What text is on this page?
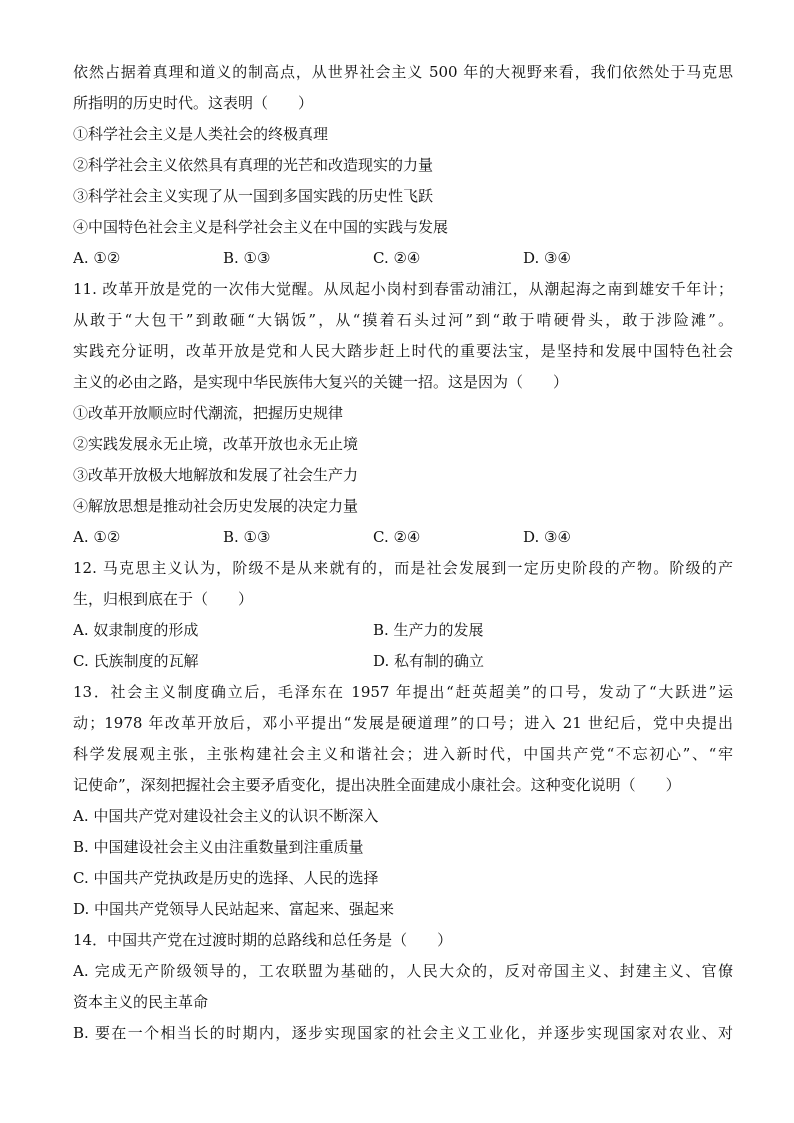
依然占据着真理和道义的制高点，从世界社会主义 500 年的大视野来看，我们依然处于马克思
所指明的历史时代。这表明（　　）
①科学社会主义是人类社会的终极真理
②科学社会主义依然具有真理的光芒和改造现实的力量
③科学社会主义实现了从一国到多国实践的历史性飞跃
④中国特色社会主义是科学社会主义在中国的实践与发展
A. ①②	B. ①③	C. ②④	D. ③④
11. 改革开放是党的一次伟大觉醒。从凤起小岗村到春雷动浦江，从潮起海之南到雄安千年计；
从敢于“大包干”到敢砸“大锅饭”，从“摸着石头过河”到“敢于啃硬骨头，敢于涉险滩”。
实践充分证明，改革开放是党和人民大踏步赶上时代的重要法宝，是坚持和发展中国特色社会
主义的必由之路，是实现中华民族伟大复兴的关键一招。这是因为（　　）
①改革开放顺应时代潮流，把握历史规律
②实践发展永无止境，改革开放也永无止境
③改革开放极大地解放和发展了社会生产力
④解放思想是推动社会历史发展的决定力量
A. ①②	B. ①③	C. ②④	D. ③④
12. 马克思主义认为，阶级不是从来就有的，而是社会发展到一定历史阶段的产物。阶级的产
生，归根到底在于（　　）
A. 奴隶制度的形成	B. 生产力的发展
C. 氏族制度的瓦解	D. 私有制的确立
13．社会主义制度确立后，毛泽东在 1957 年提出“赶英超美”的口号，发动了“大跃进”运
动；1978 年改革开放后，邓小平提出“发展是硬道理”的口号；进入 21 世纪后，党中央提出
科学发展观主张，主张构建社会主义和谐社会；进入新时代，中国共产党“不忘初心”、“牢
记使命”，深刻把握社会主要矛盾变化，提出决胜全面建成小康社会。这种变化说明（　　）
A. 中国共产党对建设社会主义的认识不断深入
B. 中国建设社会主义由注重数量到注重质量
C. 中国共产党执政是历史的选择、人民的选择
D. 中国共产党领导人民站起来、富起来、强起来
14．中国共产党在过渡时期的总路线和总任务是（　　）
A. 完成无产阶级领导的，工农联盟为基础的，人民大众的，反对帝国主义、封建主义、官僚
资本主义的民主革命
B. 要在一个相当长的时期内，逐步实现国家的社会主义工业化，并逐步实现国家对农业、对
